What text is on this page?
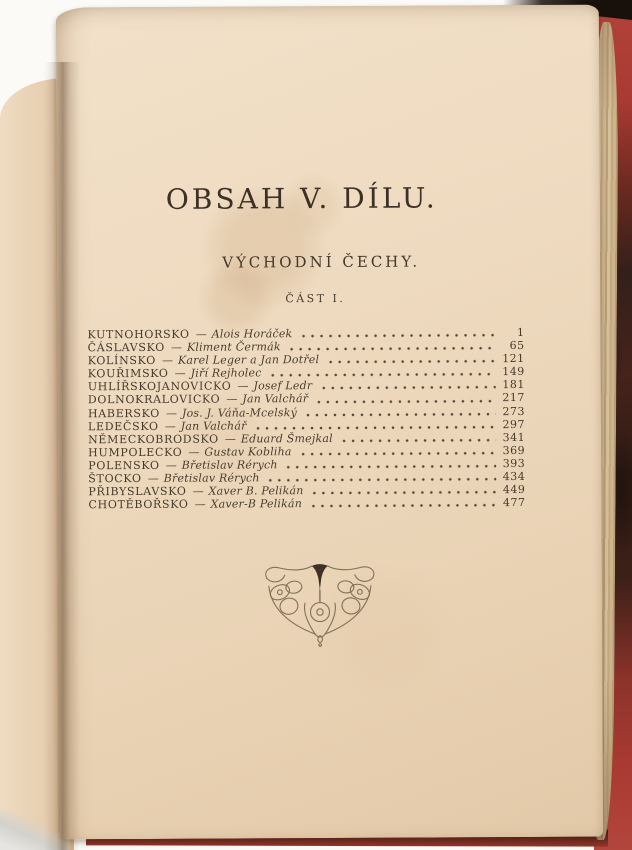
OBSAH V. DÍLU.
VÝCHODNÍ ČECHY.
ČÁST I.
KUTNOHORSKO — Alois Horáček	1
ČÁSLAVSKO — Kliment Čermák	65
KOLÍNSKO — Karel Leger a Jan Dotřel	121
KOUŘIMSKO — Jiří Rejholec	149
UHLÍŘSKOJANOVICKO — Josef Ledr	181
DOLNOKRALOVICKO — Jan Valchář	217
HABERSKO — Jos. J. Váňa-Mcelský	273
LEDEČSKO — Jan Valchář	297
NĚMECKOBRODSKO — Eduard Šmejkal	341
HUMPOLECKO — Gustav Kobliha	369
POLENSKO — Břetislav Rérych	393
ŠTOCKO — Břetislav Rérych	434
PŘIBYSLAVSKO — Xaver B. Pelikán	449
CHOTĚBOŘSKO — Xaver-B Pelikán	477
